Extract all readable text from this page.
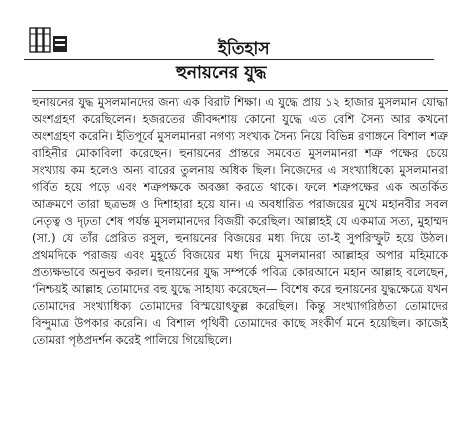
ইতিহাস
হুনায়নের যুদ্ধ

হুনায়নের যুদ্ধ মুসলমানদের জন্য এক বিরাট শিক্ষা। এ যুদ্ধে প্রায় ১২ হাজার মুসলমান যোদ্ধা অংশগ্রহণ করেছিলেন। হজরতের জীবদ্দশায় কোনো যুদ্ধে এত বেশি সৈন্য আর কখনো অংশগ্রহণ করেনি। ইতিপূর্বে মুসলমানরা নগণ্য সংখ্যক সৈন্য নিয়ে বিভিন্ন রণাঙ্গনে বিশাল শত্রু বাহিনীর মোকাবিলা করেছেন। হুনায়নের প্রান্তরে সমবেত মুসলমানরা শত্রু পক্ষের চেয়ে সংখ্যায় কম হলেও অন্য বারের তুলনায় অধিক ছিল। নিজেদের এ সংখ্যাধিক্যে মুসলমানরা গর্বিত হয়ে পড়ে এবং শত্রুপক্ষকে অবজ্ঞা করতে থাকে। ফলে শত্রুপক্ষের এক অতর্কিত আক্রমণে তারা ছত্রভঙ্গ ও দিশাহারা হয়ে যান। এ অবধারিত পরাজয়ের মুখে মহানবীর সবল নেতৃত্ব ও দৃঢ়তা শেষ পর্যন্ত মুসলমানদের বিজয়ী করেছিল। আল্লাহই যে একমাত্র সত্য, মুহাম্মদ (সা.) যে তাঁর প্রেরিত রসুল, হুনায়নের বিজয়ের মধ্য দিয়ে তা-ই সুপরিস্ফুট হয়ে উঠল। প্রথমদিকে পরাজয় এবং মুহূর্তে বিজয়ের মধ্য দিয়ে মুসলমানরা আল্লাহর অপার মহিমাকে প্রত্যক্ষভাবে অনুভব করল। হুনায়নের যুদ্ধ সম্পর্কে পবিত্র কোরআনে মহান আল্লাহ বলেছেন, ‘নিশ্চয়ই আল্লাহ তোমাদের বহু যুদ্ধে সাহায্য করেছেন— বিশেষ করে হুনায়নের যুদ্ধক্ষেত্রে যখন তোমাদের সংখ্যাধিক্য তোমাদের বিস্ময়োৎফুল্ল করেছিল। কিন্তু সংখ্যাগরিষ্ঠতা তোমাদের বিন্দুমাত্র উপকার করেনি। এ বিশাল পৃথিবী তোমাদের কাছে সংকীর্ণ মনে হয়েছিল। কাজেই তোমরা পৃষ্ঠপ্রদর্শন করেই পালিয়ে গিয়েছিলে।
